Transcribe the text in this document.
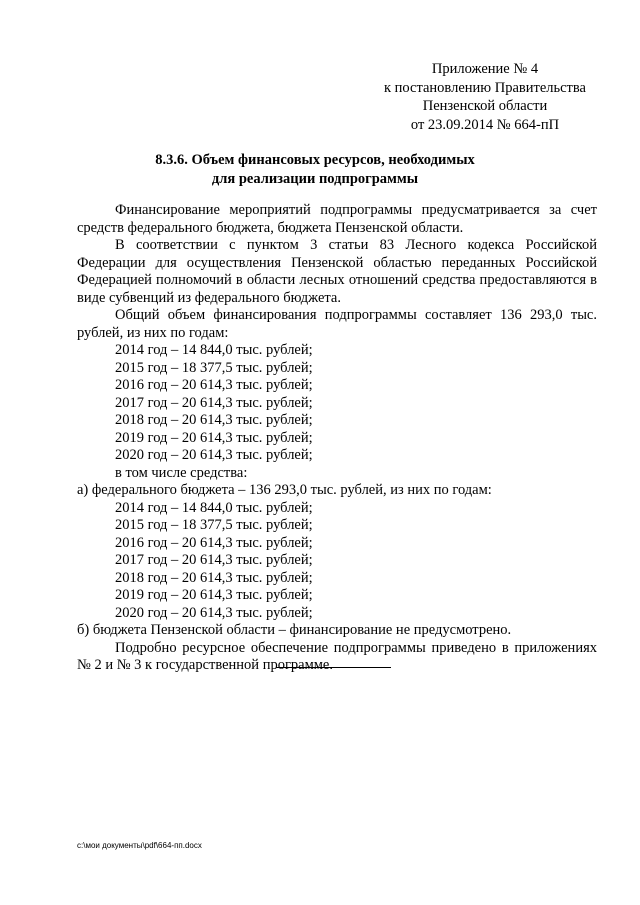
Приложение № 4
к постановлению Правительства
Пензенской области
от 23.09.2014 № 664-пП
8.3.6. Объем финансовых ресурсов, необходимых
для реализации подпрограммы

Финансирование мероприятий подпрограммы предусматривается за счет средств федерального бюджета, бюджета Пензенской области.

В соответствии с пунктом 3 статьи 83 Лесного кодекса Российской Федерации для осуществления Пензенской областью переданных Российской Федерацией полномочий в области лесных отношений средства предоставляются в виде субвенций из федерального бюджета.

Общий объем финансирования подпрограммы составляет 136 293,0 тыс. рублей, из них по годам:

2014 год – 14 844,0 тыс. рублей;
2015 год – 18 377,5 тыс. рублей;
2016 год – 20 614,3 тыс. рублей;
2017 год – 20 614,3 тыс. рублей;
2018 год – 20 614,3 тыс. рублей;
2019 год – 20 614,3 тыс. рублей;
2020 год – 20 614,3 тыс. рублей;
в том числе средства:
а) федерального бюджета – 136 293,0 тыс. рублей, из них по годам:
2014 год – 14 844,0 тыс. рублей;
2015 год – 18 377,5 тыс. рублей;
2016 год – 20 614,3 тыс. рублей;
2017 год – 20 614,3 тыс. рублей;
2018 год – 20 614,3 тыс. рублей;
2019 год – 20 614,3 тыс. рублей;
2020 год – 20 614,3 тыс. рублей;
б) бюджета Пензенской области – финансирование не предусмотрено.

Подробно ресурсное обеспечение подпрограммы приведено в приложениях № 2 и № 3 к государственной программе.

c:\мои документы\pdf\664-пп.docx
